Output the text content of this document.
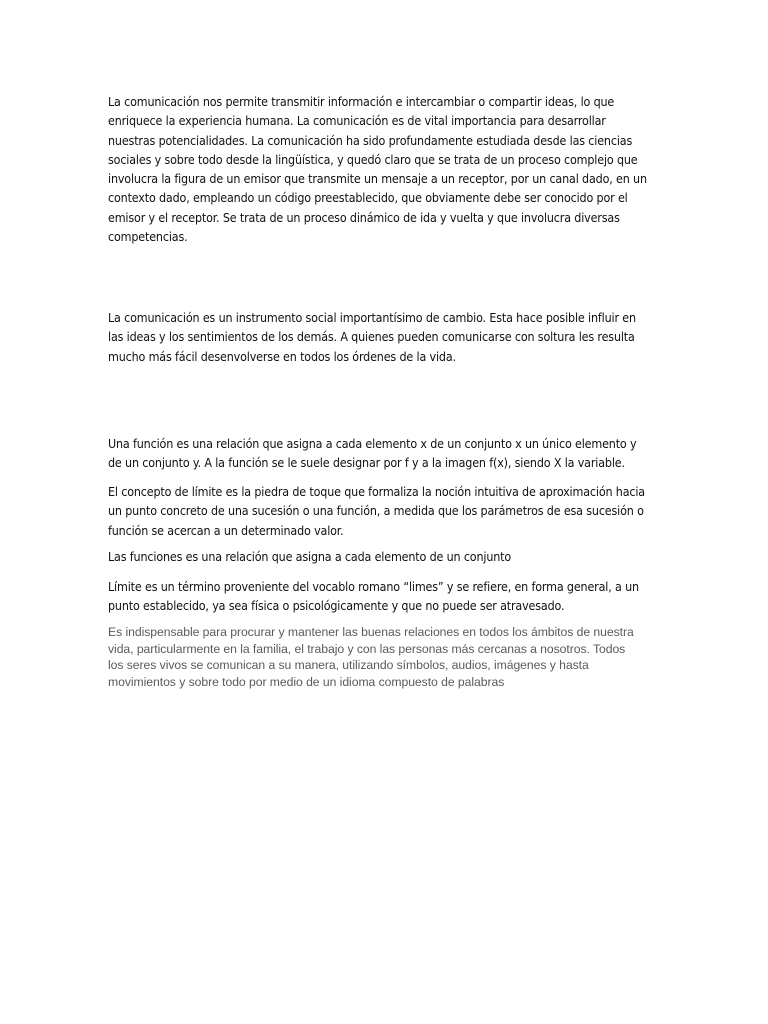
La comunicación nos permite transmitir información e intercambiar o compartir ideas, lo que
enriquece la experiencia humana. La comunicación es de vital importancia para desarrollar
nuestras potencialidades. La comunicación ha sido profundamente estudiada desde las ciencias
sociales y sobre todo desde la lingüística, y quedó claro que se trata de un proceso complejo que
involucra la figura de un emisor que transmite un mensaje a un receptor, por un canal dado, en un
contexto dado, empleando un código preestablecido, que obviamente debe ser conocido por el
emisor y el receptor. Se trata de un proceso dinámico de ida y vuelta y que involucra diversas
competencias.

La comunicación es un instrumento social importantísimo de cambio. Esta hace posible influir en
las ideas y los sentimientos de los demás. A quienes pueden comunicarse con soltura les resulta
mucho más fácil desenvolverse en todos los órdenes de la vida.

Una función es una relación que asigna a cada elemento x de un conjunto x un único elemento y
de un conjunto y. A la función se le suele designar por f y a la imagen f(x), siendo X la variable.

El concepto de límite es la piedra de toque que formaliza la noción intuitiva de aproximación hacia
un punto concreto de una sucesión o una función, a medida que los parámetros de esa sucesión o
función se acercan a un determinado valor.

Las funciones es una relación que asigna a cada elemento de un conjunto

Límite es un término proveniente del vocablo romano “limes” y se refiere, en forma general, a un
punto establecido, ya sea física o psicológicamente y que no puede ser atravesado.

Es indispensable para procurar y mantener las buenas relaciones en todos los ámbitos de nuestra
vida, particularmente en la familia, el trabajo y con las personas más cercanas a nosotros. Todos
los seres vivos se comunican a su manera, utilizando símbolos, audios, imágenes y hasta
movimientos y sobre todo por medio de un idioma compuesto de palabras
